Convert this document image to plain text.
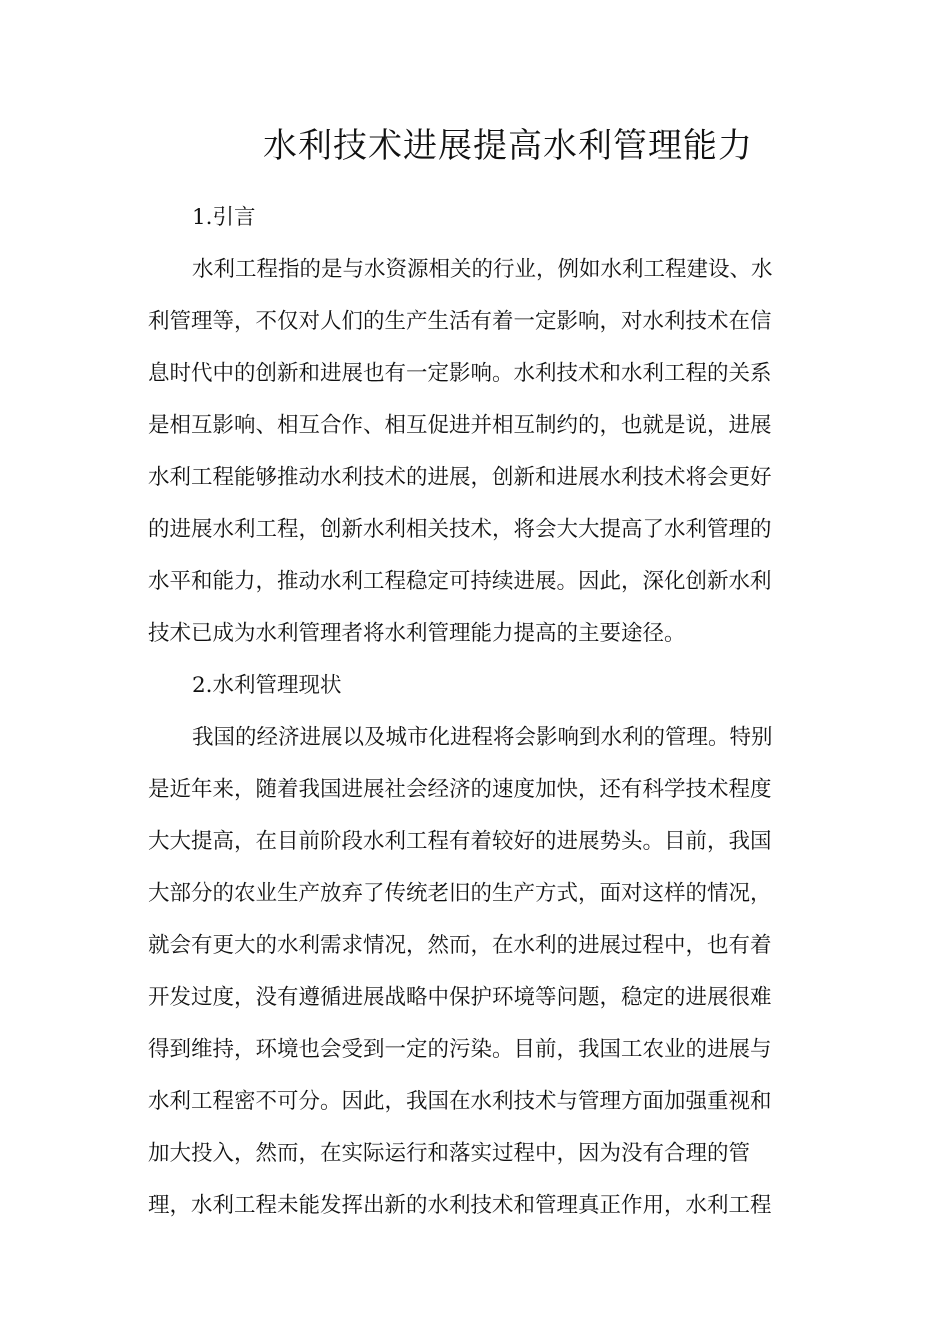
水利技术进展提高水利管理能力
1.引言
水利工程指的是与水资源相关的行业，例如水利工程建设、水
利管理等，不仅对人们的生产生活有着一定影响，对水利技术在信
息时代中的创新和进展也有一定影响。水利技术和水利工程的关系
是相互影响、相互合作、相互促进并相互制约的，也就是说，进展
水利工程能够推动水利技术的进展，创新和进展水利技术将会更好
的进展水利工程，创新水利相关技术，将会大大提高了水利管理的
水平和能力，推动水利工程稳定可持续进展。因此，深化创新水利
技术已成为水利管理者将水利管理能力提高的主要途径。
2.水利管理现状
我国的经济进展以及城市化进程将会影响到水利的管理。特别
是近年来，随着我国进展社会经济的速度加快，还有科学技术程度
大大提高，在目前阶段水利工程有着较好的进展势头。目前，我国
大部分的农业生产放弃了传统老旧的生产方式，面对这样的情况，
就会有更大的水利需求情况，然而，在水利的进展过程中，也有着
开发过度，没有遵循进展战略中保护环境等问题，稳定的进展很难
得到维持，环境也会受到一定的污染。目前，我国工农业的进展与
水利工程密不可分。因此，我国在水利技术与管理方面加强重视和
加大投入，然而，在实际运行和落实过程中，因为没有合理的管
理，水利工程未能发挥出新的水利技术和管理真正作用，水利工程
